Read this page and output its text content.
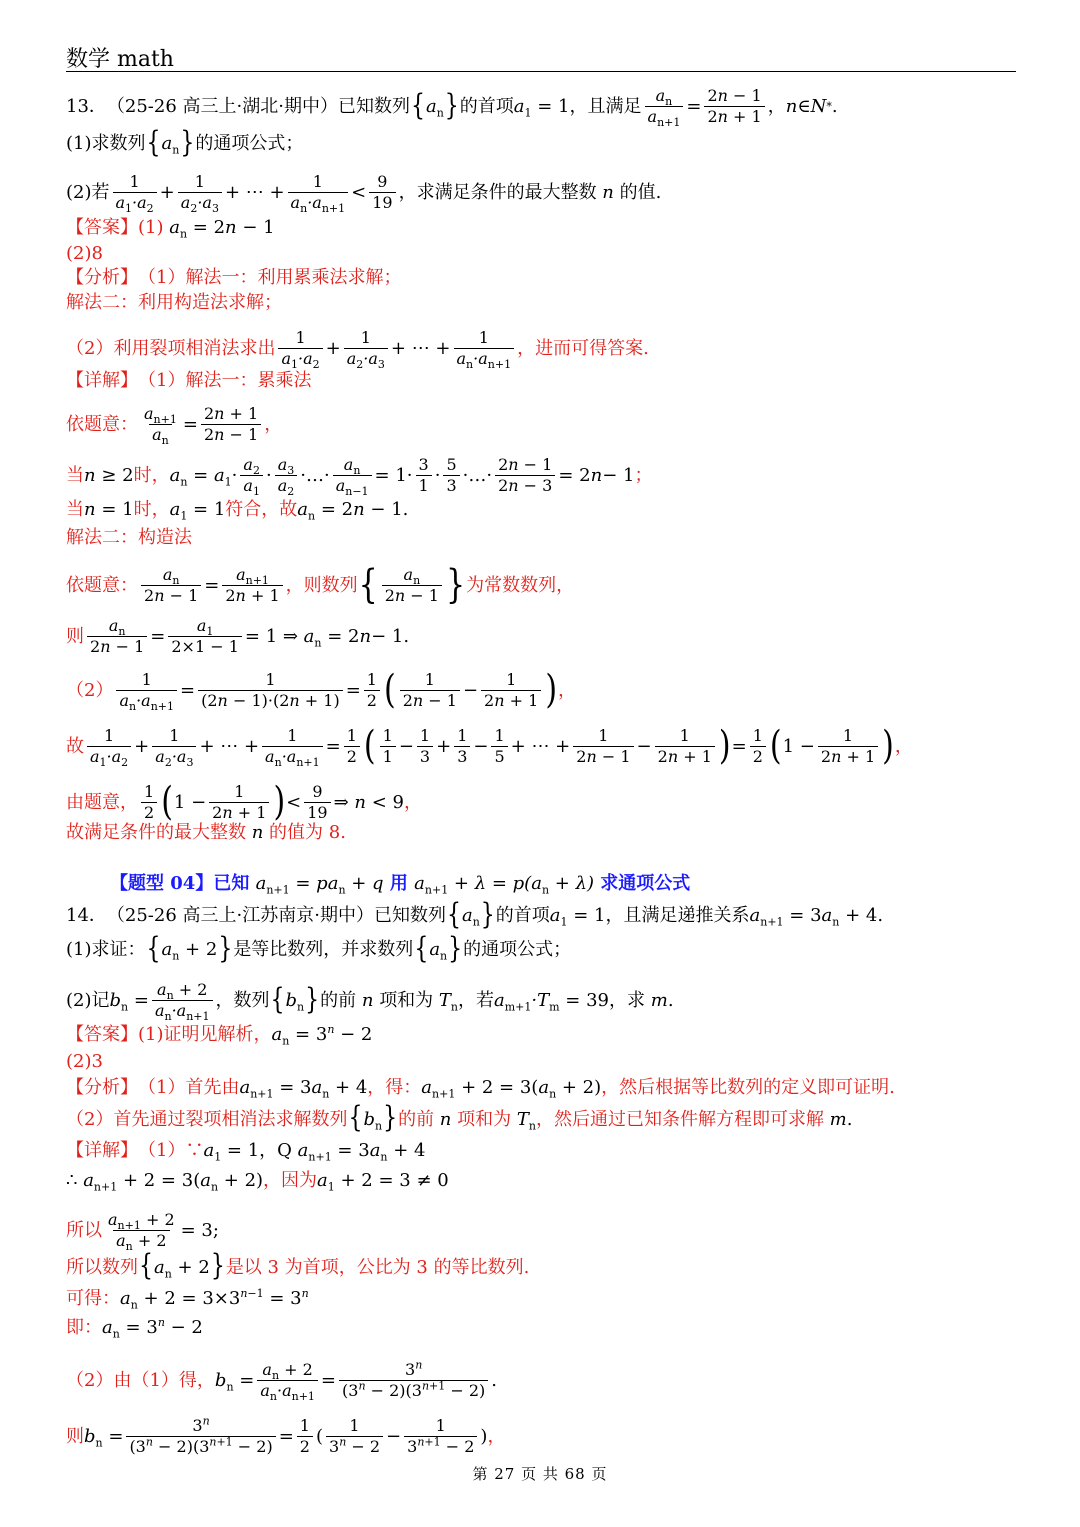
数学 math
13． （25-26 高三上·湖北·期中） 已知数列 { $a_n$ } 的首项 $a_1 = 1$ ，且满足 $\frac{a_n}{a_{n+1}} = \frac{2n - 1}{2n + 1}$ ， n∈N * .
(1)求数列 { $a_n$ } 的通项公式；
(2)若 $\frac{1}{a_1\cdot a_2} + \frac{1}{a_2\cdot a_3}$ + ⋯ + $\frac{1}{a_n\cdot a_{n+1}} < \frac{9}{19}$ ，求满足条件的最大整数 n 的值.
【答案】 (1) $a_n = 2n - 1$
(2)8
【分析】 （1）解法一：利用累乘法求解；
解法二：利用构造法求解；
（2）利用裂项相消法求出 $\frac{1}{a_1\cdot a_2} + \frac{1}{a_2\cdot a_3}$ + ⋯ + $\frac{1}{a_n\cdot a_{n+1}}$ ，进而可得答案.
【详解】 （1）解法一：累乘法
依题意： $\frac{a_{n+1}}{a_n} = \frac{2n + 1}{2n - 1}$ ，
当 n ≥ 2 时， $a_n = a_1 \cdot \frac{a_2}{a_1} \cdot \frac{a_3}{a_2}$ ·…· $\frac{a_n}{a_{n-1}} = 1\cdot \frac{3}{1} \cdot \frac{5}{3}$ ·…· $\frac{2n - 1}{2n - 3} = 2$ n − 1 ；
当 n = 1 时， $a_1 = 1$ 符合，故 $a_n = 2n - 1$.
解法二：构造法
依题意： $\frac{a_n}{2n - 1} = \frac{a_{n+1}}{2n + 1}$ ，则数列 { $\frac{a_n}{2n - 1}$ } 为常数数列，
则 $\frac{a_n}{2n - 1} = \frac{a_1}{2\times 1 - 1} = 1$ ⇒ $a_n = 2$ n − 1.
$(2) \frac{1}{a_n\cdot a_{n+1}} = \frac{1}{(2n - 1)\cdot(2n + 1)} = \frac{1}{2}$ ( $\frac{1}{2n - 1} - \frac{1}{2n + 1}$ ) ，
故 $\frac{1}{a_1\cdot a_2} + \frac{1}{a_2\cdot a_3}$ + ⋯ + $\frac{1}{a_n\cdot a_{n+1}} = \frac{1}{2}$ ( $\frac{1}{1} - \frac{1}{3} + \frac{1}{3} - \frac{1}{5}$ + ⋯ + $\frac{1}{2n - 1} - \frac{1}{2n + 1}$ ) = $\frac{1}{2}$ ( $1 - \frac{1}{2n + 1}$ ) ，
由题意， $\frac{1}{2}$ ( $1 - \frac{1}{2n + 1}$ ) < $\frac{9}{19}$ ⇒ n < 9 ，
故满足条件的最大整数 n 的值为 8.
【题型 04】 已知
$a_{n+1} = pa_n + q$
用
$a_{n+1} + \lambda = p(a_n + \lambda)$
求通项公式
14． （25-26 高三上·江苏南京·期中） 已知数列 { $a_n$ } 的首项 $a_1 = 1$ ，且满足递推关系 $a_{n+1} = 3$ $a_n + 4$.
(1)求证： { $a_n + 2$ } 是等比数列，并求数列 { $a_n$ } 的通项公式；
(2)记 $b_n = \frac{a_n + 2}{a_n\cdot a_{n+1}}$ ，数列 { $b_n$ } 的前 n 项和为 $T_n$ ，若 $a_{m+1}\cdot T_m = 39$ ，求 m .
【答案】 (1)证明见解析， $a_n = 3^n - 2$
(2)3
【分析】 （1）首先由 $a_{n+1} = 3a_n + 4$ ，得： $a_{n+1} + 2 = 3(a_n + 2)$ ，然后根据等比数列的定义即可证明.
（2）首先通过裂项相消法求解数列 $\{b_n\}$ 的前 n 项和为 $T_n$ ，然后通过已知条件解方程即可求解 m .
【详解】 （1）∵ $a_1 = 1$，Q $a_{n+1} = 3a_n + 4$
∴ $a_{n+1} + 2 = 3(a_n + 2)$ ，因为 $a_1 + 2 = 3 \ne 0$
所以 $\frac{a_{n+1} + 2}{a_n + 2} = 3$;
所以数列 $\{a_n + 2\}$ 是以 3 为首项，公比为 3 的等比数列.
可得： $a_n + 2 = 3\times 3^{n-1} = 3^n$
即： $a_n = 3^n - 2$
（2）由（1）得， $b_n = \frac{a_n + 2}{a_n\cdot a_{n+1}} = \frac{3^n}{(3^n - 2)(3^{n+1} - 2)}$ .
则 $b_n = \frac{3^n}{(3^n - 2)(3^{n+1} - 2)} = \frac{1}{2}$ ( $\frac{1}{3^n - 2} - \frac{1}{3^{n+1} - 2}$ ) ，
第 27 页 共 68 页
